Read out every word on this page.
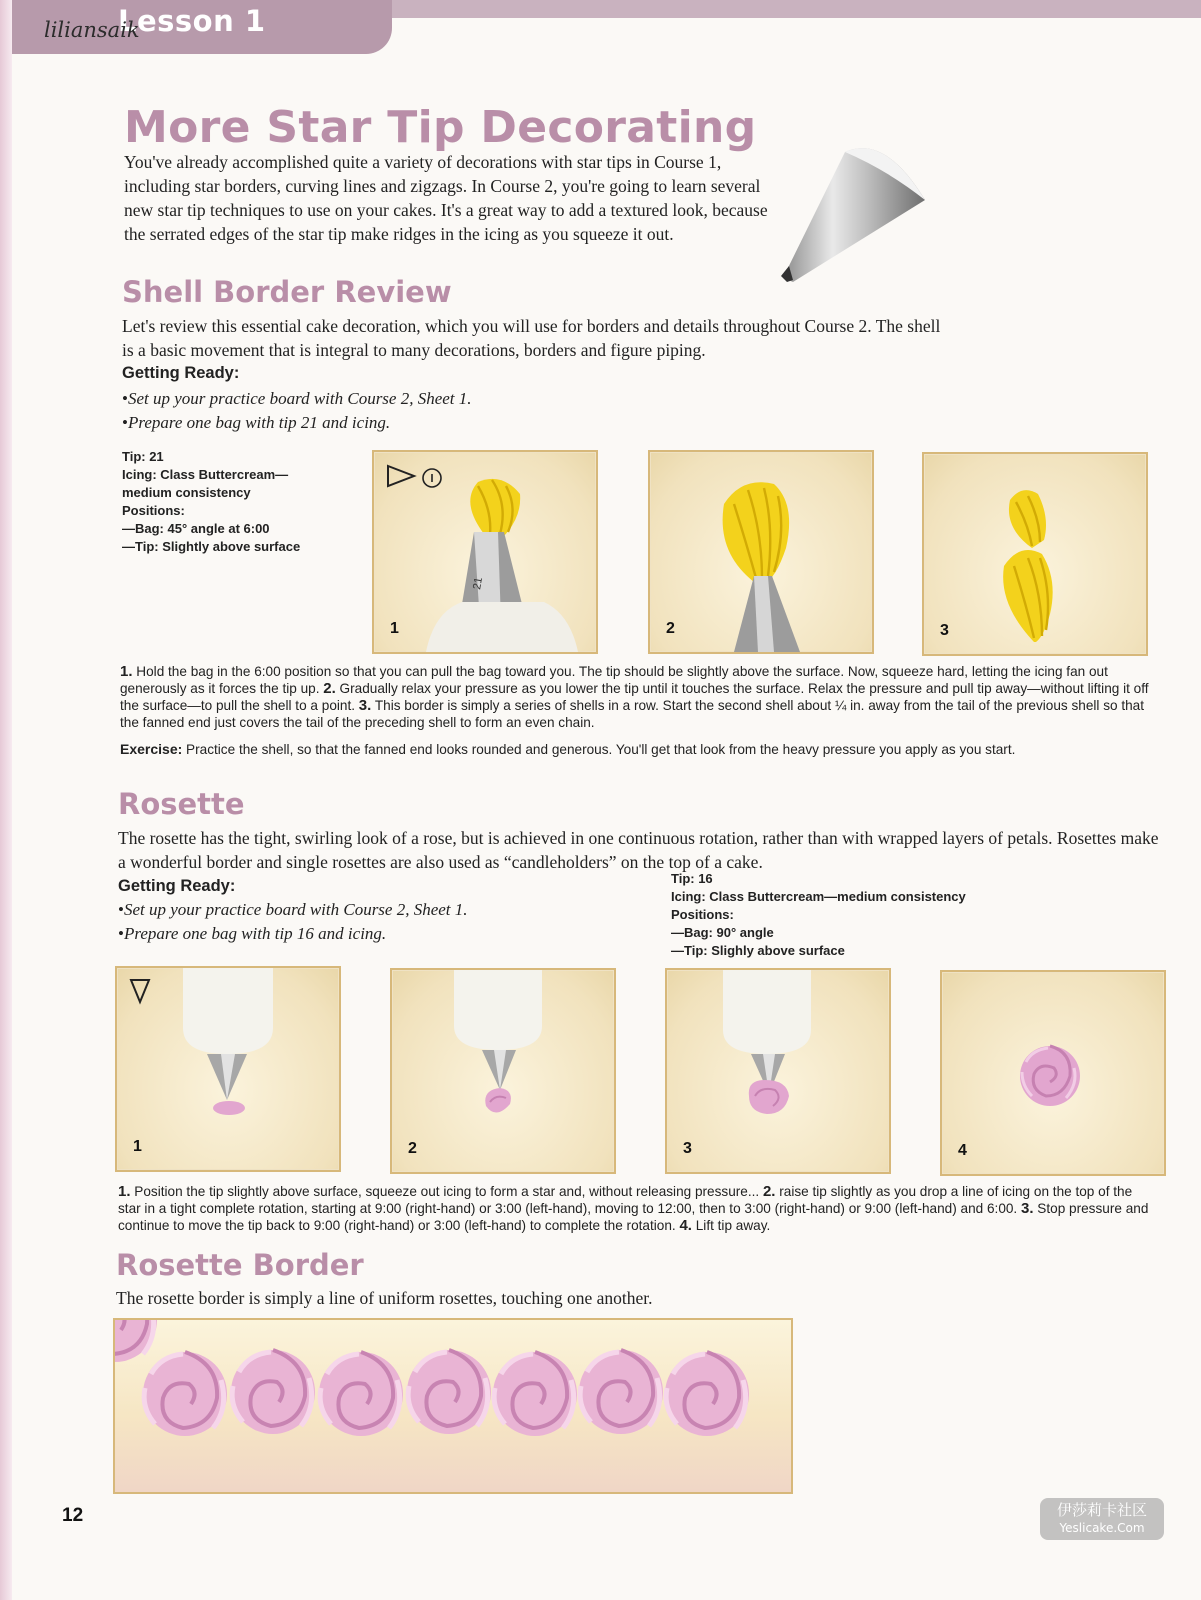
Lesson 1
liliansaik
More Star Tip Decorating
You've already accomplished quite a variety of decorations with star tips in Course 1, including star borders, curving lines and zigzags. In Course 2, you're going to learn several new star tip techniques to use on your cakes. It's a great way to add a textured look, because the serrated edges of the star tip make ridges in the icing as you squeeze it out.
Shell Border Review
Let's review this essential cake decoration, which you will use for borders and details throughout Course 2. The shell is a basic movement that is integral to many decorations, borders and figure piping.
Getting Ready:
• Set up your practice board with Course 2, Sheet 1.
• Prepare one bag with tip 21 and icing.
Tip: 21
Icing: Class Buttercream—
medium consistency
Positions:
—Bag: 45° angle at 6:00
—Tip: Slightly above surface
21
1	2	3
1. Hold the bag in the 6:00 position so that you can pull the bag toward you. The tip should be slightly above the surface. Now, squeeze hard, letting the icing fan out generously as it forces the tip up. 2. Gradually relax your pressure as you lower the tip until it touches the surface. Relax the pressure and pull tip away—without lifting it off the surface—to pull the shell to a point. 3. This border is simply a series of shells in a row. Start the second shell about ¼ in. away from the tail of the previous shell so that the fanned end just covers the tail of the preceding shell to form an even chain.
Exercise: Practice the shell, so that the fanned end looks rounded and generous. You'll get that look from the heavy pressure you apply as you start.
Rosette
The rosette has the tight, swirling look of a rose, but is achieved in one continuous rotation, rather than with wrapped layers of petals. Rosettes make a wonderful border and single rosettes are also used as “candleholders” on the top of a cake.
Getting Ready:
• Set up your practice board with Course 2, Sheet 1.
• Prepare one bag with tip 16 and icing.
Tip: 16
Icing: Class Buttercream—medium consistency
Positions:
—Bag: 90° angle
—Tip: Slighly above surface
1	2	3	4
1. Position the tip slightly above surface, squeeze out icing to form a star and, without releasing pressure... 2. raise tip slightly as you drop a line of icing on the top of the star in a tight complete rotation, starting at 9:00 (right-hand) or 3:00 (left-hand), moving to 12:00, then to 3:00 (right-hand) or 9:00 (left-hand) and 6:00. 3. Stop pressure and continue to move the tip back to 9:00 (right-hand) or 3:00 (left-hand) to complete the rotation. 4. Lift tip away.
Rosette Border
The rosette border is simply a line of uniform rosettes, touching one another.
12	伊莎莉卡社区
Yeslicake.Com
